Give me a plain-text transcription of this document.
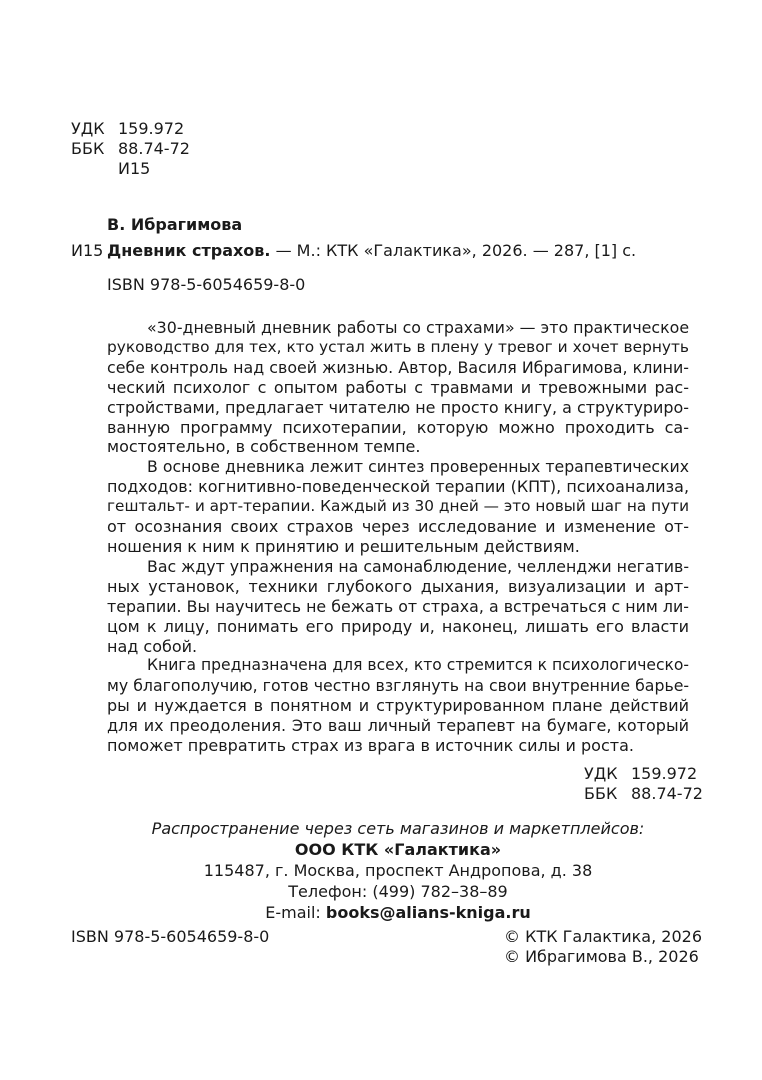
УДК 159.972
ББК 88.74-72
И15
В. Ибрагимова
И15 Дневник страхов. — М.: КТК «Галактика», 2026. — 287, [1] с.
ISBN 978-5-6054659-8-0
«30-дневный дневник работы со страхами» — это практическое
руководство для тех, кто устал жить в плену у тревог и хочет вернуть
себе контроль над своей жизнью. Автор, Василя Ибрагимова, клини-
ческий психолог с опытом работы с травмами и тревожными рас-
стройствами, предлагает читателю не просто книгу, а структуриро-
ванную программу психотерапии, которую можно проходить са-
мостоятельно, в собственном темпе.
В основе дневника лежит синтез проверенных терапевтических
подходов: когнитивно-поведенческой терапии (КПТ), психоанализа,
гештальт- и арт-терапии. Каждый из 30 дней — это новый шаг на пути
от осознания своих страхов через исследование и изменение от-
ношения к ним к принятию и решительным действиям.
Вас ждут упражнения на самонаблюдение, челленджи негатив-
ных установок, техники глубокого дыхания, визуализации и арт-
терапии. Вы научитесь не бежать от страха, а встречаться с ним ли-
цом к лицу, понимать его природу и, наконец, лишать его власти
над собой.
Книга предназначена для всех, кто стремится к психологическо-
му благополучию, готов честно взглянуть на свои внутренние барье-
ры и нуждается в понятном и структурированном плане действий
для их преодоления. Это ваш личный терапевт на бумаге, который
поможет превратить страх из врага в источник силы и роста.
УДК 159.972
ББК 88.74-72
Распространение через сеть магазинов и маркетплейсов:
ООО КТК «Галактика»
115487, г. Москва, проспект Андропова, д. 38
Телефон: (499) 782–38–89
E-mail: books@alians-kniga.ru
ISBN 978-5-6054659-8-0	© КТК Галактика, 2026
© Ибрагимова В., 2026
